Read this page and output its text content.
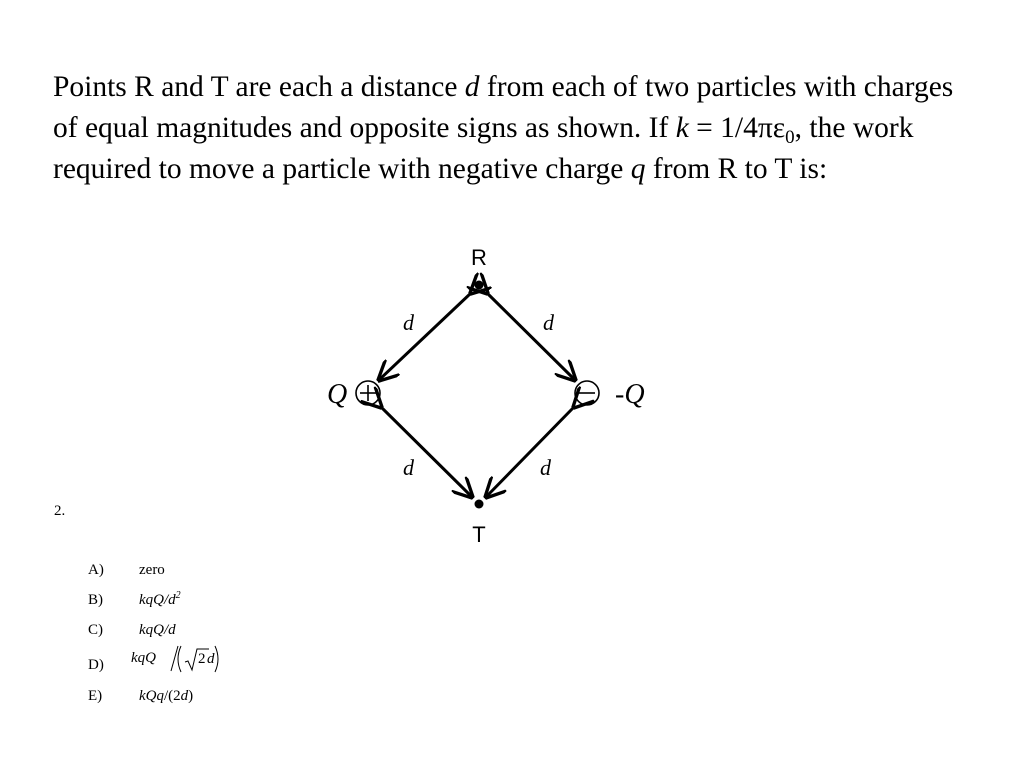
Points R and T are each a distance d from each of two particles with charges of equal magnitudes and opposite signs as shown. If $k = 1/4\pi\varepsilon_0$, the work required to move a particle with negative charge q from R to T is:

R
T
Q	-Q
d	d
d	d
2.
A) zero
B) kqQ/$d^2$
C) kqQ/d
D)	kqQ	2 d
E) kQq/(2d)
